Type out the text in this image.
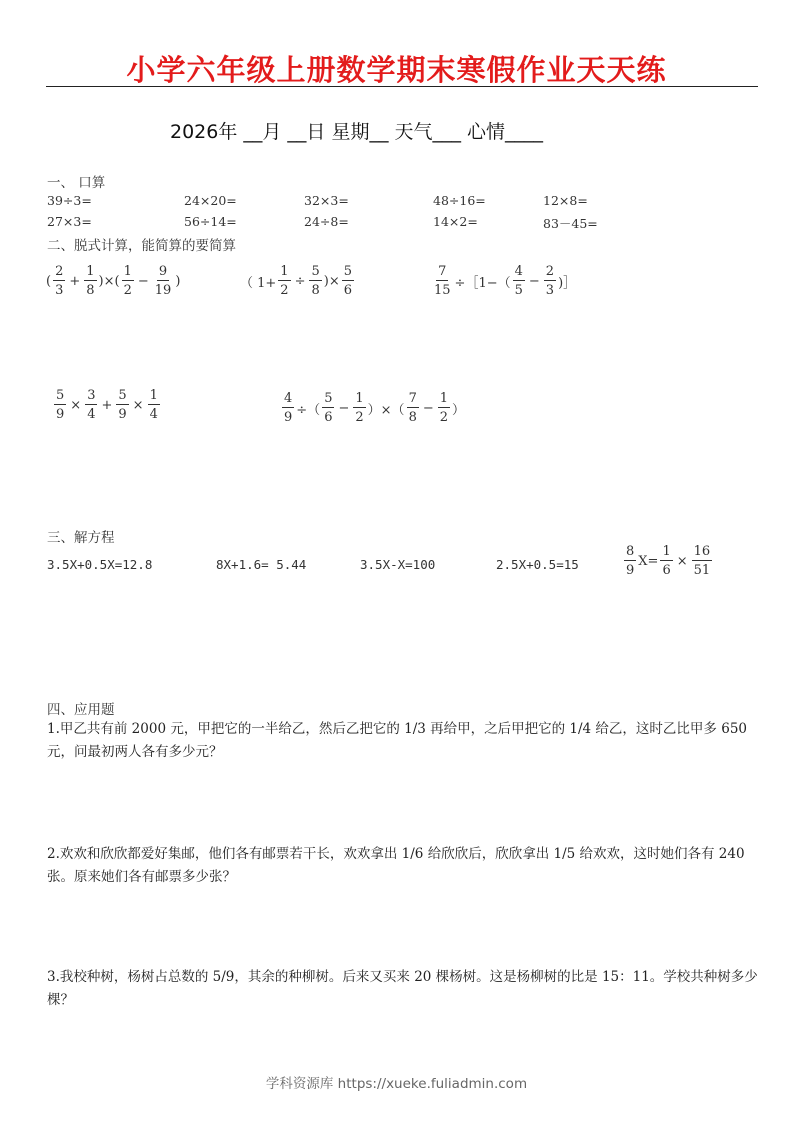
小学六年级上册数学期末寒假作业天天练
2026年 __月 __日 星期__ 天气___ 心情____
一、 口算
39÷3=	24×20=	32×3=	48÷16=	12×8=
27×3=	56÷14=	24÷8=	14×2=	83－45=
二、脱式计算，能简算的要简算
( $\frac{2}{3} + \frac{1}{8}$ )×( $\frac{1}{2} - \frac{9}{19}$ )	（ $1+ \frac{1}{2} \div \frac{5}{8}$ )× $\frac{5}{6}$	$\frac{7}{15}$ ÷［1−（ $\frac{4}{5} - \frac{2}{3}$ )］
$\frac{5}{9} \times \frac{3}{4} + \frac{5}{9} \times \frac{1}{4}$	$\frac{4}{9}$ ÷（ $\frac{5}{6} - \frac{1}{2}$ ）×（ $\frac{7}{8} - \frac{1}{2}$ ）
三、解方程
3.5X+0.5X=12.8	8X+1.6= 5.44	3.5X-X=100	2.5X+0.5=15	$\frac{8}{9} X= \frac{1}{6} \times \frac{16}{51}$
四、应用题
1.甲乙共有前 2000 元，甲把它的一半给乙，然后乙把它的 1/3 再给甲，之后甲把它的 1/4 给乙，这时乙比甲多 650 元，问最初两人各有多少元？
2.欢欢和欣欣都爱好集邮，他们各有邮票若干长，欢欢拿出 1/6 给欣欣后，欣欣拿出 1/5 给欢欢，这时她们各有 240 张。原来她们各有邮票多少张？
3.我校种树，杨树占总数的 5/9，其余的种柳树。后来又买来 20 棵杨树。这是杨柳树的比是 15：11。学校共种树多少棵？
学科资源库 https://xueke.fuliadmin.com
